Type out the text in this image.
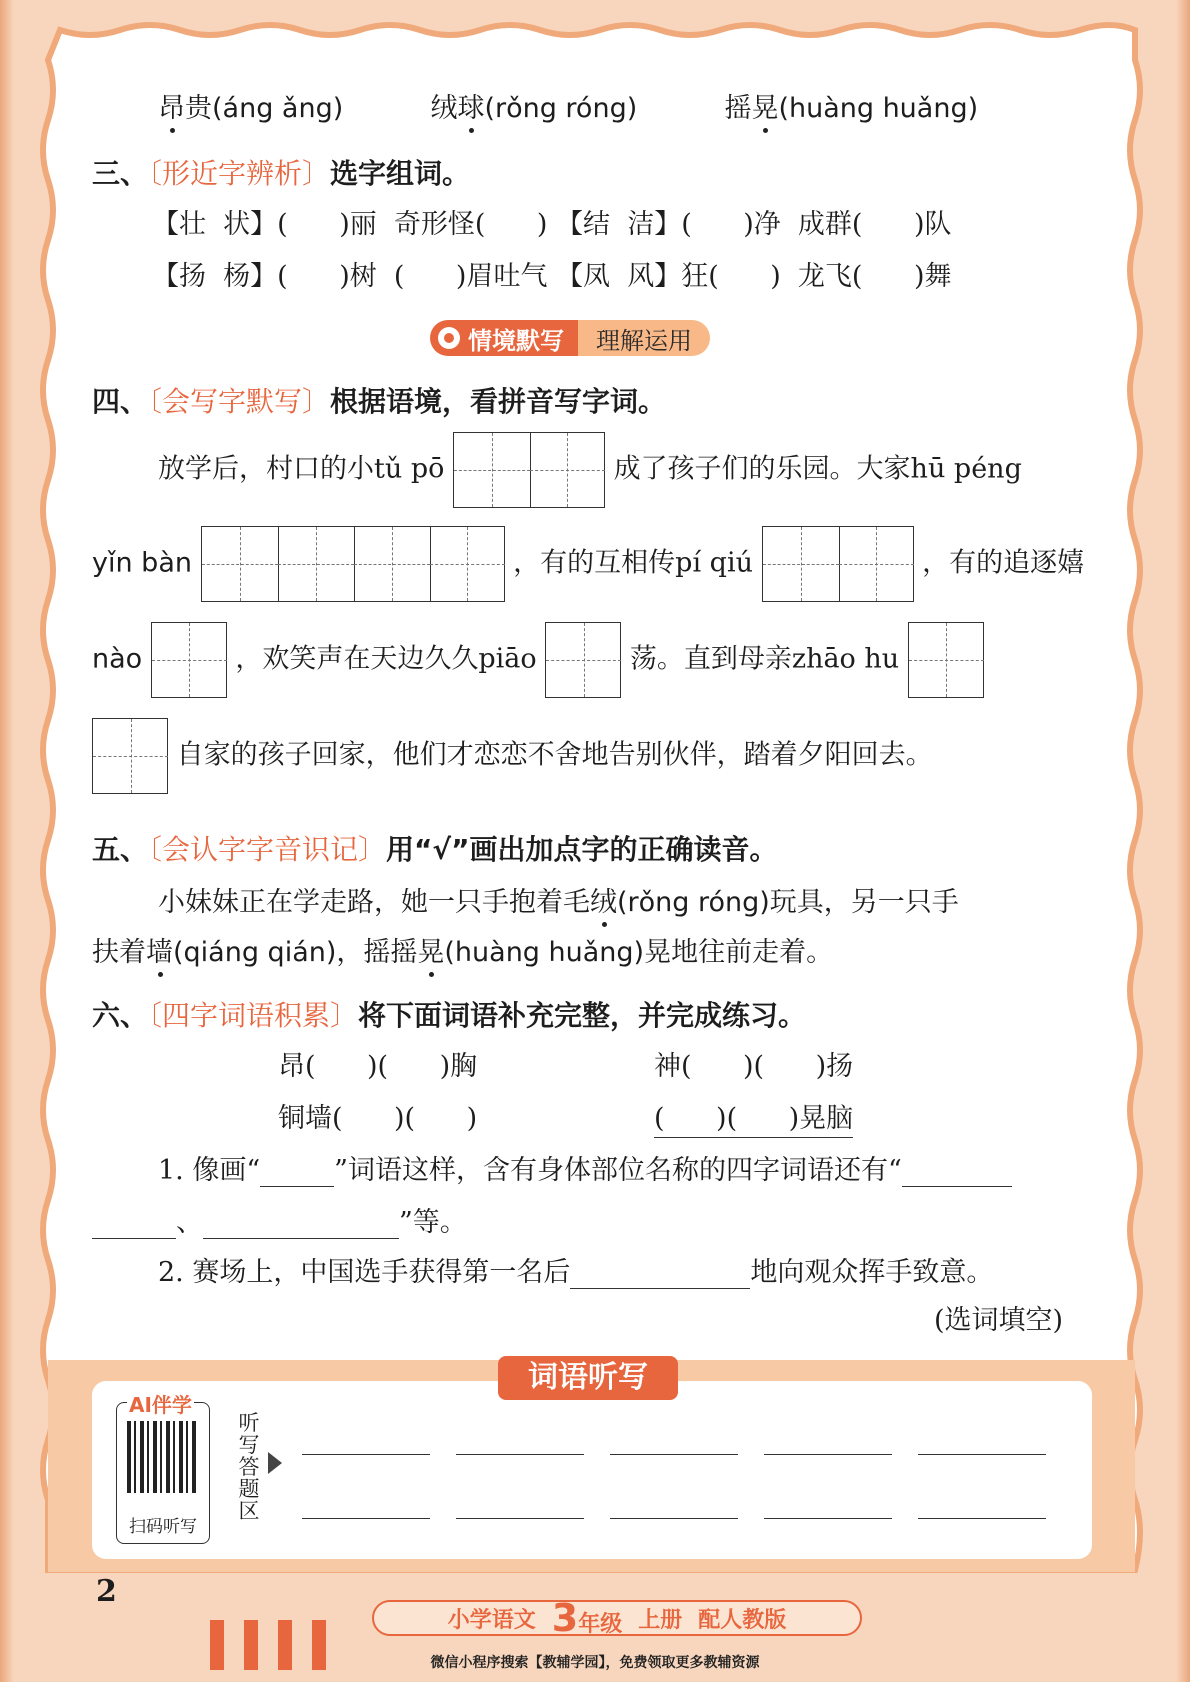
昂贵(áng ǎng)	绒球(rǒng róng)	摇晃(huàng huǎng)
三、〔形近字辨析〕选字组词。
【壮  状】(      )丽  奇形怪(      ) 【结  洁】(      )净  成群(      )队
【扬  杨】(      )树  (      )眉吐气 【凤  风】狂(      )  龙飞(      )舞
情境默写	理解运用
四、〔会写字默写〕根据语境，看拼音写字词。
放学后，村口的小tǔ pō	成了孩子们的乐园。大家hū péng
yǐn bàn	，有的互相传pí qiú	，有的追逐嬉
nào	，欢笑声在天边久久piāo	荡。直到母亲zhāo hu
自家的孩子回家，他们才恋恋不舍地告别伙伴，踏着夕阳回去。
五、〔会认字字音识记〕用“√”画出加点字的正确读音。
小妹妹正在学走路，她一只手抱着毛绒(rǒng róng)玩具，另一只手
扶着墙(qiáng qián)，摇摇晃(huàng huǎng)晃地往前走着。
六、〔四字词语积累〕将下面词语补充完整，并完成练习。
昂(      )(      )胸	神(      )(      )扬
铜墙(      )(      )	(      )(      )晃脑
1. 像画“	”词语这样，含有身体部位名称的四字词语还有“
、	”等。
2. 赛场上，中国选手获得第一名后	地向观众挥手致意。
(选词填空)
词语听写
AI伴学
扫码听写
听写答题区
2
小学语文 3年级 上册 配人教版
微信小程序搜索【教辅学园】，免费领取更多教辅资源
